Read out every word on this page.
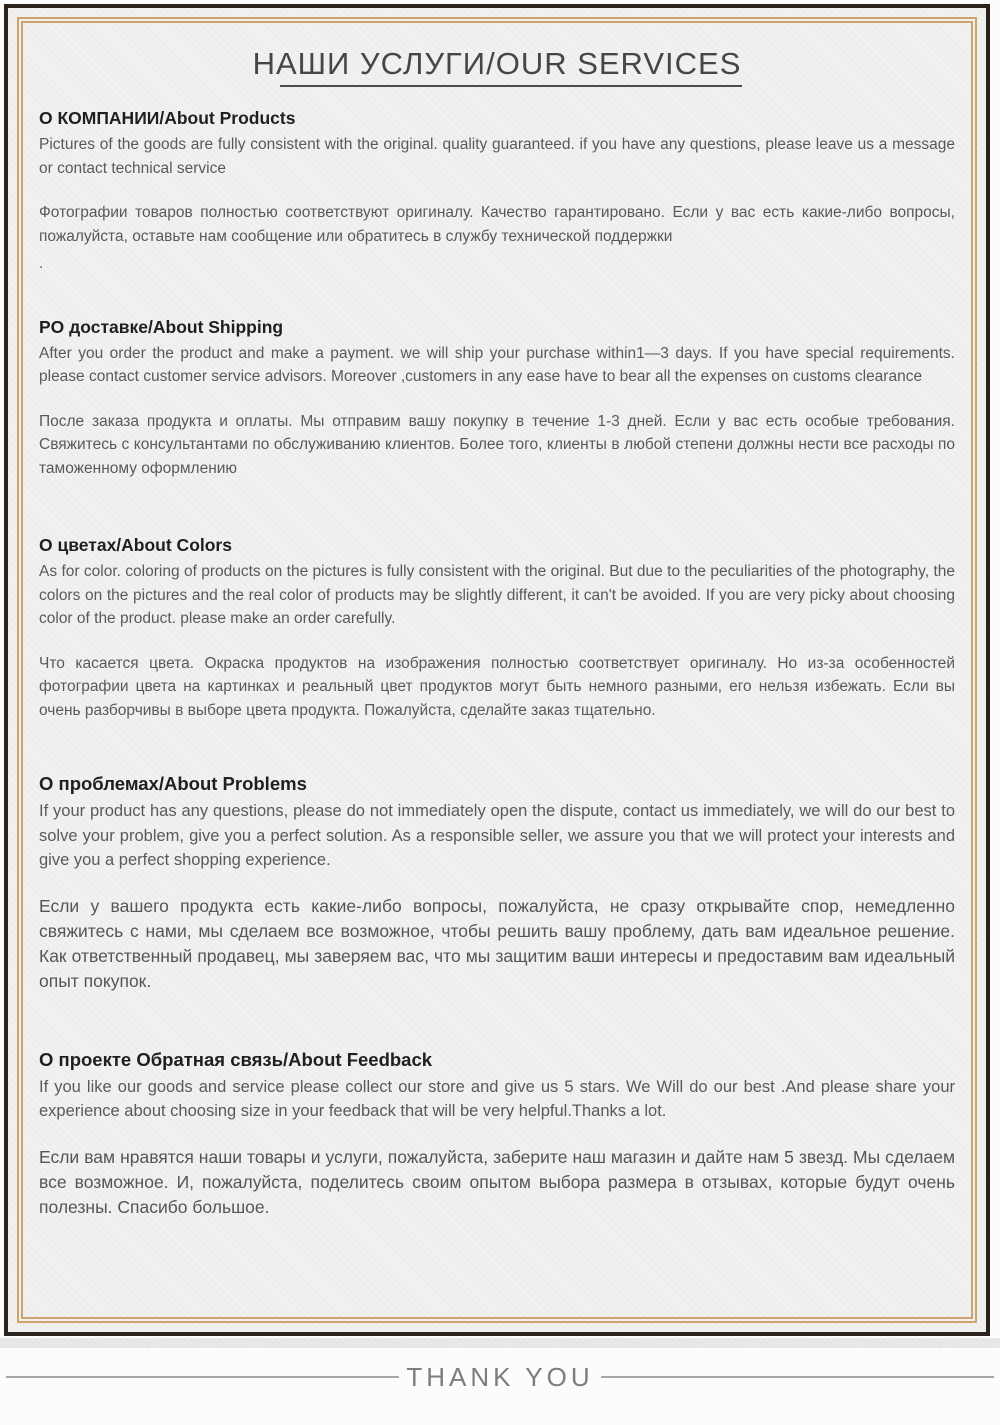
НАШИ УСЛУГИ/OUR SERVICES
О КОМПАНИИ/About Products

Pictures of the goods are fully consistent with the original. quality guaranteed. if you have any questions, please leave us a message or contact technical service

Фотографии товаров полностью соответствуют оригиналу. Качество гарантировано. Если у вас есть какие-либо вопросы, пожалуйста, оставьте нам сообщение или обратитесь в службу технической поддержки

.

PO доставке/About Shipping

After you order the product and make a payment. we will ship your purchase within1—3 days. If you have special requirements. please contact customer service advisors. Moreover ,customers in any ease have to bear all the expenses on customs clearance

После заказа продукта и оплаты. Мы отправим вашу покупку в течение 1-3 дней. Если у вас есть особые требования. Свяжитесь с консультантами по обслуживанию клиентов. Более того, клиенты в любой степени должны нести все расходы по таможенному оформлению

О цветах/About Colors

As for color. coloring of products on the pictures is fully consistent with the original. But due to the peculiarities of the photography, the colors on the pictures and the real color of products may be slightly different, it can't be avoided. If you are very picky about choosing color of the product. please make an order carefully.

Что касается цвета. Окраска продуктов на изображения полностью соответствует оригиналу. Но из-за особенностей фотографии цвета на картинках и реальный цвет продуктов могут быть немного разными, его нельзя избежать. Если вы очень разборчивы в выборе цвета продукта. Пожалуйста, сделайте заказ тщательно.

О проблемах/About Problems

If your product has any questions, please do not immediately open the dispute, contact us immediately, we will do our best to solve your problem, give you a perfect solution. As a responsible seller, we assure you that we will protect your interests and give you a perfect shopping experience.

Если у вашего продукта есть какие-либо вопросы, пожалуйста, не сразу открывайте спор, немедленно свяжитесь с нами, мы сделаем все возможное, чтобы решить вашу проблему, дать вам идеальное решение. Как ответственный продавец, мы заверяем вас, что мы защитим ваши интересы и предоставим вам идеальный опыт покупок.

О проекте Обратная связь/About Feedback

If you like our goods and service please collect our store and give us 5 stars. We Will do our best .And please share your experience about choosing size in your feedback that will be very helpful.Thanks a lot.

Если вам нравятся наши товары и услуги, пожалуйста, заберите наш магазин и дайте нам 5 звезд. Мы сделаем все возможное. И, пожалуйста, поделитесь своим опытом выбора размера в отзывах, которые будут очень полезны. Спасибо большое.

THANK YOU
